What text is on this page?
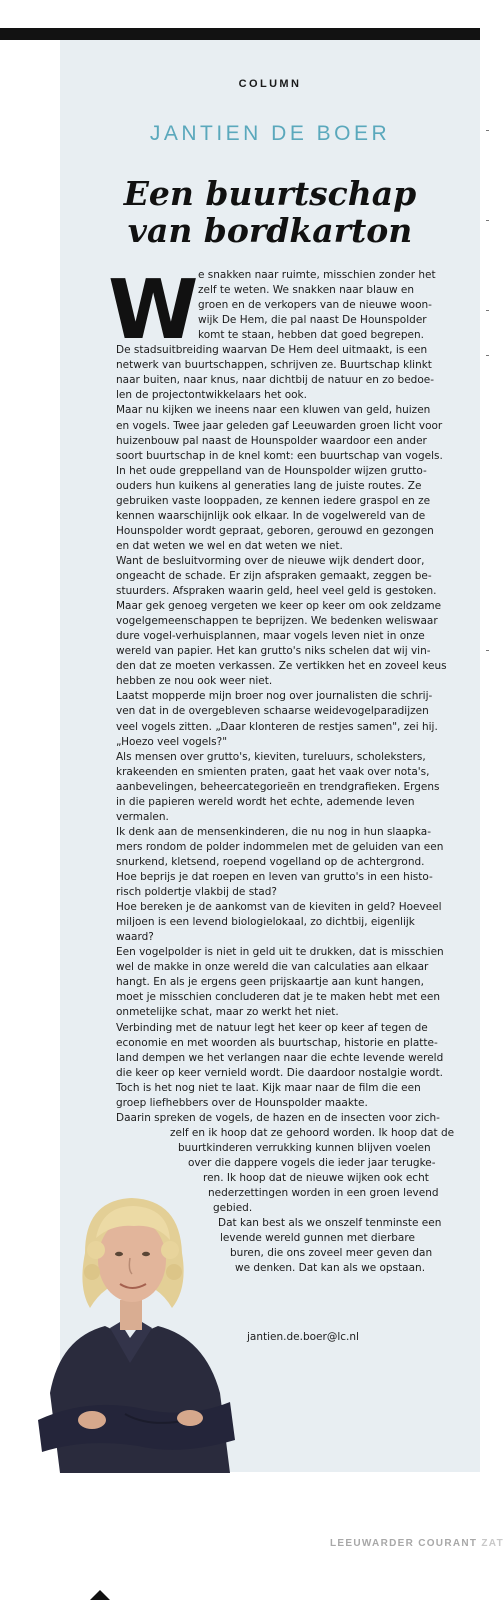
COLUMN
JANTIEN DE BOER
Een buurtschap
van bordkarton
W e snakken naar ruimte, misschien zonder het

zelf te weten. We snakken naar blauw en

groen en de verkopers van de nieuwe woon-

wijk De Hem, die pal naast De Hounspolder

komt te staan, hebben dat goed begrepen.

De stadsuitbreiding waarvan De Hem deel uitmaakt, is een

netwerk van buurtschappen, schrijven ze. Buurtschap klinkt

naar buiten, naar knus, naar dichtbij de natuur en zo bedoe-

len de projectontwikkelaars het ook.

Maar nu kijken we ineens naar een kluwen van geld, huizen

en vogels. Twee jaar geleden gaf Leeuwarden groen licht voor

huizenbouw pal naast de Hounspolder waardoor een ander

soort buurtschap in de knel komt: een buurtschap van vogels.

In het oude greppelland van de Hounspolder wijzen grutto-

ouders hun kuikens al generaties lang de juiste routes. Ze

gebruiken vaste looppaden, ze kennen iedere graspol en ze

kennen waarschijnlijk ook elkaar. In de vogelwereld van de

Hounspolder wordt gepraat, geboren, gerouwd en gezongen

en dat weten we wel en dat weten we niet.

Want de besluitvorming over de nieuwe wijk dendert door,

ongeacht de schade. Er zijn afspraken gemaakt, zeggen be-

stuurders. Afspraken waarin geld, heel veel geld is gestoken.

Maar gek genoeg vergeten we keer op keer om ook zeldzame

vogelgemeenschappen te beprijzen. We bedenken weliswaar

dure vogel-verhuisplannen, maar vogels leven niet in onze

wereld van papier. Het kan grutto's niks schelen dat wij vin-

den dat ze moeten verkassen. Ze vertikken het en zoveel keus

hebben ze nou ook weer niet.

Laatst mopperde mijn broer nog over journalisten die schrij-

ven dat in de overgebleven schaarse weidevogelparadijzen

veel vogels zitten. „Daar klonteren de restjes samen", zei hij.

„Hoezo veel vogels?"

Als mensen over grutto's, kieviten, tureluurs, scholeksters,

krakeenden en smienten praten, gaat het vaak over nota's,

aanbevelingen, beheercategorieën en trendgrafieken. Ergens

in die papieren wereld wordt het echte, ademende leven

vermalen.

Ik denk aan de mensenkinderen, die nu nog in hun slaapka-

mers rondom de polder indommelen met de geluiden van een

snurkend, kletsend, roepend vogelland op de achtergrond.

Hoe beprijs je dat roepen en leven van grutto's in een histo-

risch poldertje vlakbij de stad?

Hoe bereken je de aankomst van de kieviten in geld? Hoeveel

miljoen is een levend biologielokaal, zo dichtbij, eigenlijk

waard?

Een vogelpolder is niet in geld uit te drukken, dat is misschien

wel de makke in onze wereld die van calculaties aan elkaar

hangt. En als je ergens geen prijskaartje aan kunt hangen,

moet je misschien concluderen dat je te maken hebt met een

onmetelijke schat, maar zo werkt het niet.

Verbinding met de natuur legt het keer op keer af tegen de

economie en met woorden als buurtschap, historie en platte-

land dempen we het verlangen naar die echte levende wereld

die keer op keer vernield wordt. Die daardoor nostalgie wordt.

Toch is het nog niet te laat. Kijk maar naar de film die een

groep liefhebbers over de Hounspolder maakte.

Daarin spreken de vogels, de hazen en de insecten voor zich-

zelf en ik hoop dat ze gehoord worden. Ik hoop dat de

buurtkinderen verrukking kunnen blijven voelen

over die dappere vogels die ieder jaar terugke-

ren. Ik hoop dat de nieuwe wijken ook echt

nederzettingen worden in een groen levend

gebied.

Dat kan best als we onszelf tenminste een

levende wereld gunnen met dierbare

buren, die ons zoveel meer geven dan

we denken. Dat kan als we opstaan.

jantien.de.boer@lc.nl

LEEUWARDER COURANT ZAT
